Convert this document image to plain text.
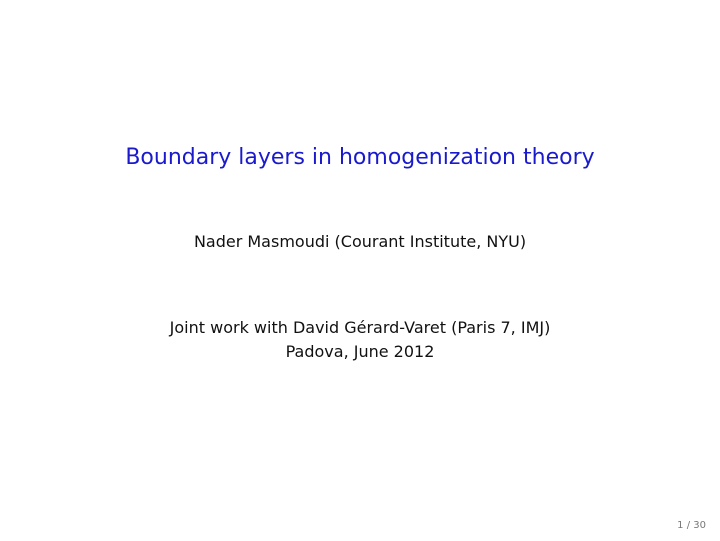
Boundary layers in homogenization theory
Nader Masmoudi (Courant Institute, NYU)
Joint work with David Gérard-Varet (Paris 7, IMJ)
Padova, June 2012
1 / 30
